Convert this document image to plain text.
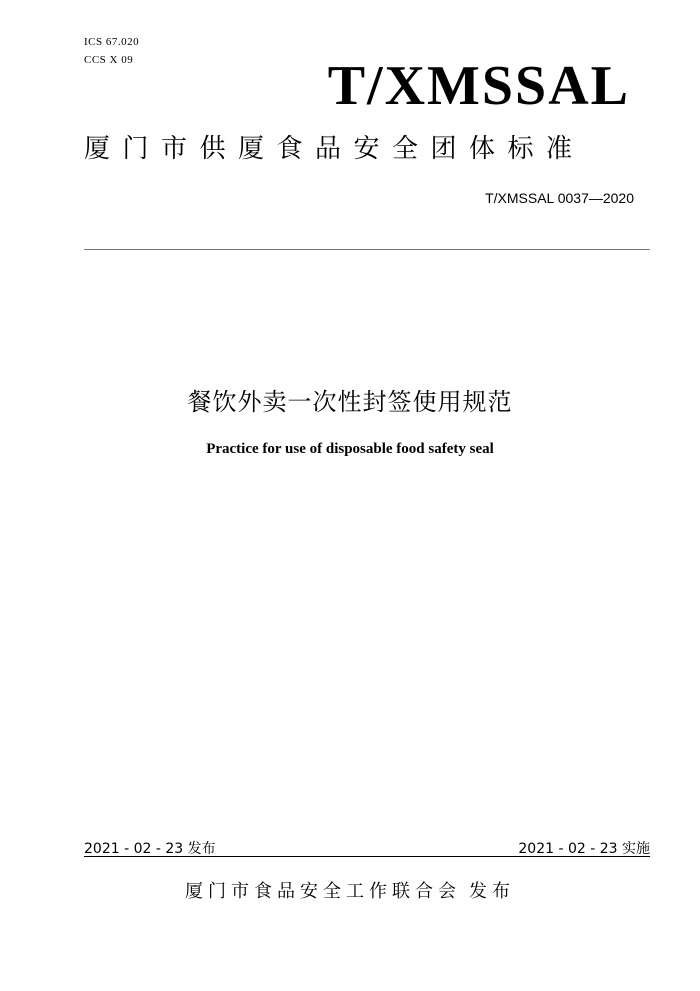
ICS 67.020
CCS X 09	T/XMSSAL
厦门市供厦食品安全团体标准
T/XMSSAL 0037—2020
餐饮外卖一次性封签使用规范
Practice for use of disposable food safety seal
2021 - 02 - 23 发布	2021 - 02 - 23 实施
厦门市食品安全工作联合会 发布
